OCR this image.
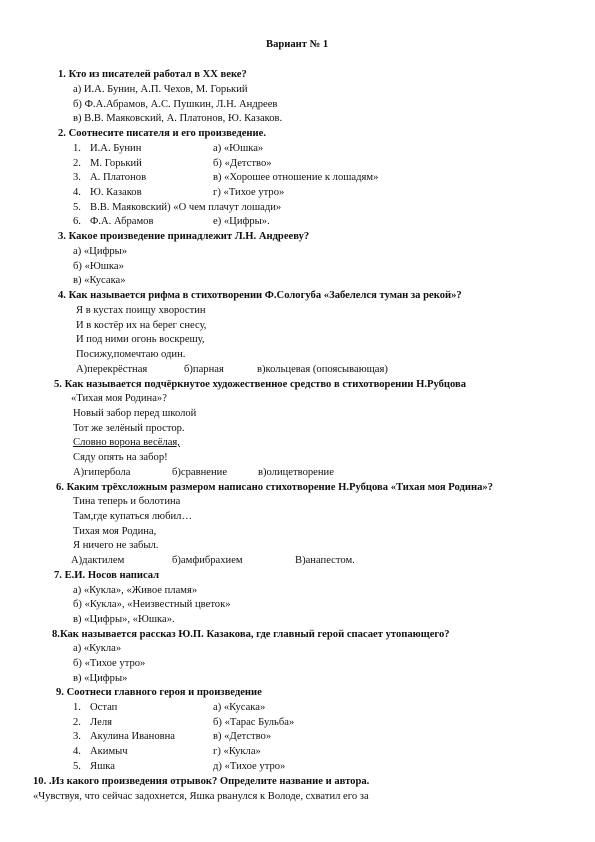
Вариант № 1
1. Кто из писателей работал в XX веке?
а) И.А. Бунин, А.П. Чехов, М. Горький
б) Ф.А.Абрамов, А.С. Пушкин, Л.Н. Андреев
в) В.В. Маяковский, А. Платонов, Ю. Казаков.
2. Соотнесите писателя и его произведение.
1. И.А. Бунин	а) «Юшка»
2. М. Горький	б) «Детство»
3. А. Платонов	в) «Хорошее отношение к лошадям»
4. Ю. Казаков	г) «Тихое утро»
5. В.В. Маяковский) «О чем плачут лошади»
6. Ф.А. Абрамов	е) «Цифры».
3. Какое произведение принадлежит Л.Н. Андрееву?
а) «Цифры»
б) «Юшка»
в) «Кусака»
4. Как называется рифма в стихотворении Ф.Сологуба «Забелелся туман за рекой»?
Я в кустах поищу хворостин
И в костёр их на берег снесу,
И под ними огонь воскрешу,
Посижу,помечтаю один.
А)перекрёстная	б)парная	в)кольцевая (опоясывающая)
5. Как называется подчёркнутое художественное средство в стихотворении Н.Рубцова
«Тихая моя Родина»?
Новый забор перед школой
Тот же зелёный простор.
Словно ворона весёлая,
Сяду опять на забор!
А)гипербола	б)сравнение	в)олицетворение
6. Каким трёхсложным размером написано стихотворение Н.Рубцова «Тихая моя Родина»?
Тина теперь и болотина
Там,где купаться любил…
Тихая моя Родина,
Я ничего не забыл.
А)дактилем	б)амфибрахием	В)анапестом.
7. Е.И. Носов написал
а) «Кукла», «Живое пламя»
б) «Кукла», «Неизвестный цветок»
в) «Цифры», «Юшка».
8.Как называется рассказ Ю.П. Казакова, где главный герой спасает утопающего?
а) «Кукла»
б) «Тихое утро»
в) «Цифры»
9. Соотнеси главного героя и произведение
1. Остап	а) «Кусака»
2. Леля	б) «Тарас Бульба»
3. Акулина Ивановна	в) «Детство»
4. Акимыч	г) «Кукла»
5. Яшка	д) «Тихое утро»
10. .Из какого произведения отрывок? Определите название и автора.
«Чувствуя, что сейчас задохнется, Яшка рванулся к Володе, схватил его за
